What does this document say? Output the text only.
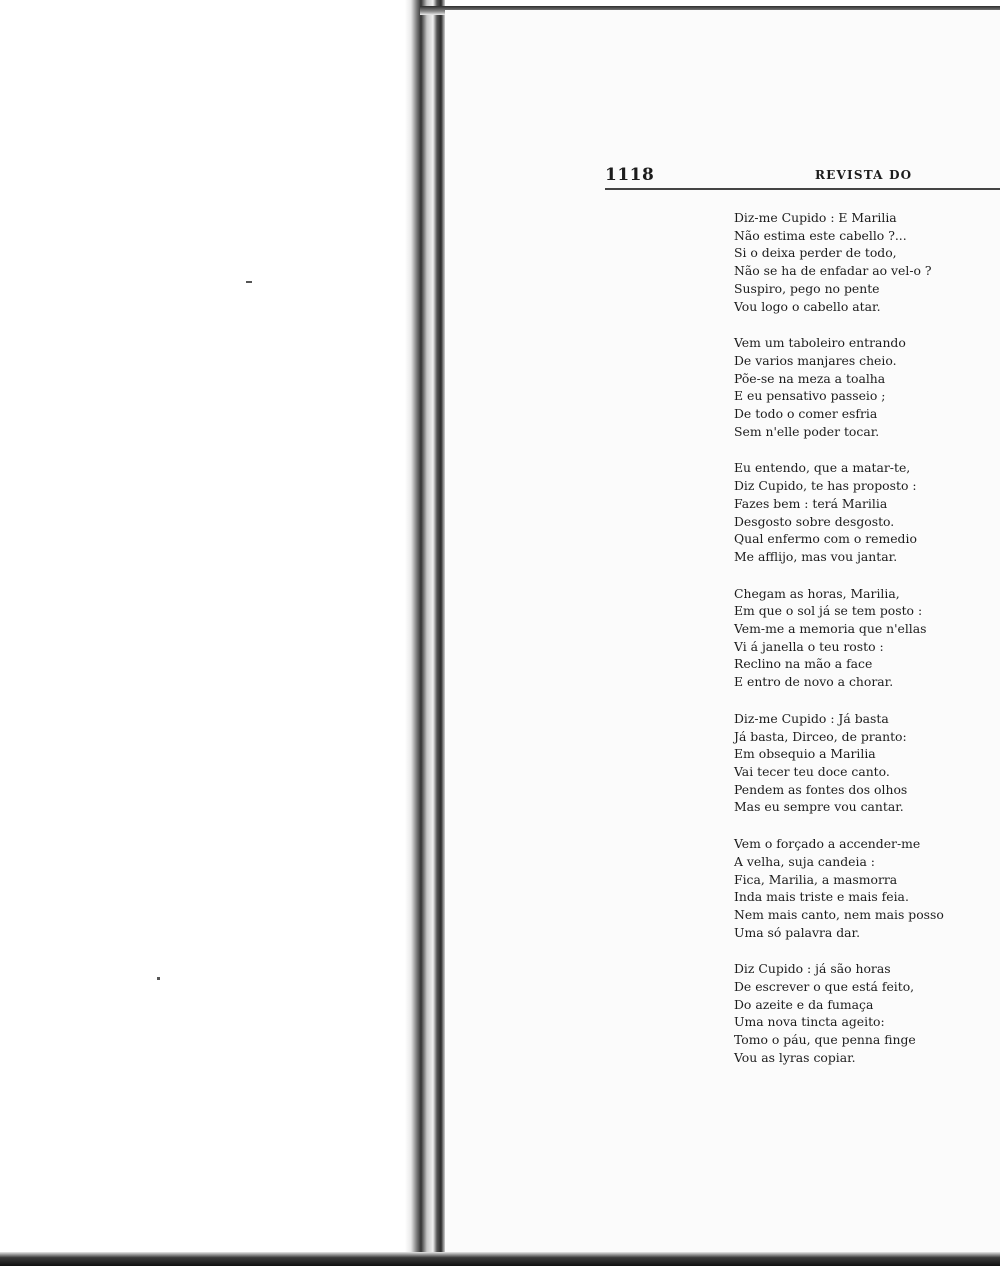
1118	REVISTA DO
Diz-me Cupido : E Marilia
Não estima este cabello ?...
Si o deixa perder de todo,
Não se ha de enfadar ao vel-o ?
Suspiro, pego no pente
Vou logo o cabello atar.
Vem um taboleiro entrando
De varios manjares cheio.
Põe-se na meza a toalha
E eu pensativo passeio ;
De todo o comer esfria
Sem n'elle poder tocar.
Eu entendo, que a matar-te,
Diz Cupido, te has proposto :
Fazes bem : terá Marilia
Desgosto sobre desgosto.
Qual enfermo com o remedio
Me afflijo, mas vou jantar.
Chegam as horas, Marilia,
Em que o sol já se tem posto :
Vem-me a memoria que n'ellas
Vi á janella o teu rosto :
Reclino na mão a face
E entro de novo a chorar.
Diz-me Cupido : Já basta
Já basta, Dirceo, de pranto:
Em obsequio a Marilia
Vai tecer teu doce canto.
Pendem as fontes dos olhos
Mas eu sempre vou cantar.
Vem o forçado a accender-me
A velha, suja candeia :
Fica, Marilia, a masmorra
Inda mais triste e mais feia.
Nem mais canto, nem mais posso
Uma só palavra dar.
Diz Cupido : já são horas
De escrever o que está feito,
Do azeite e da fumaça
Uma nova tincta ageito:
Tomo o páu, que penna finge
Vou as lyras copiar.
